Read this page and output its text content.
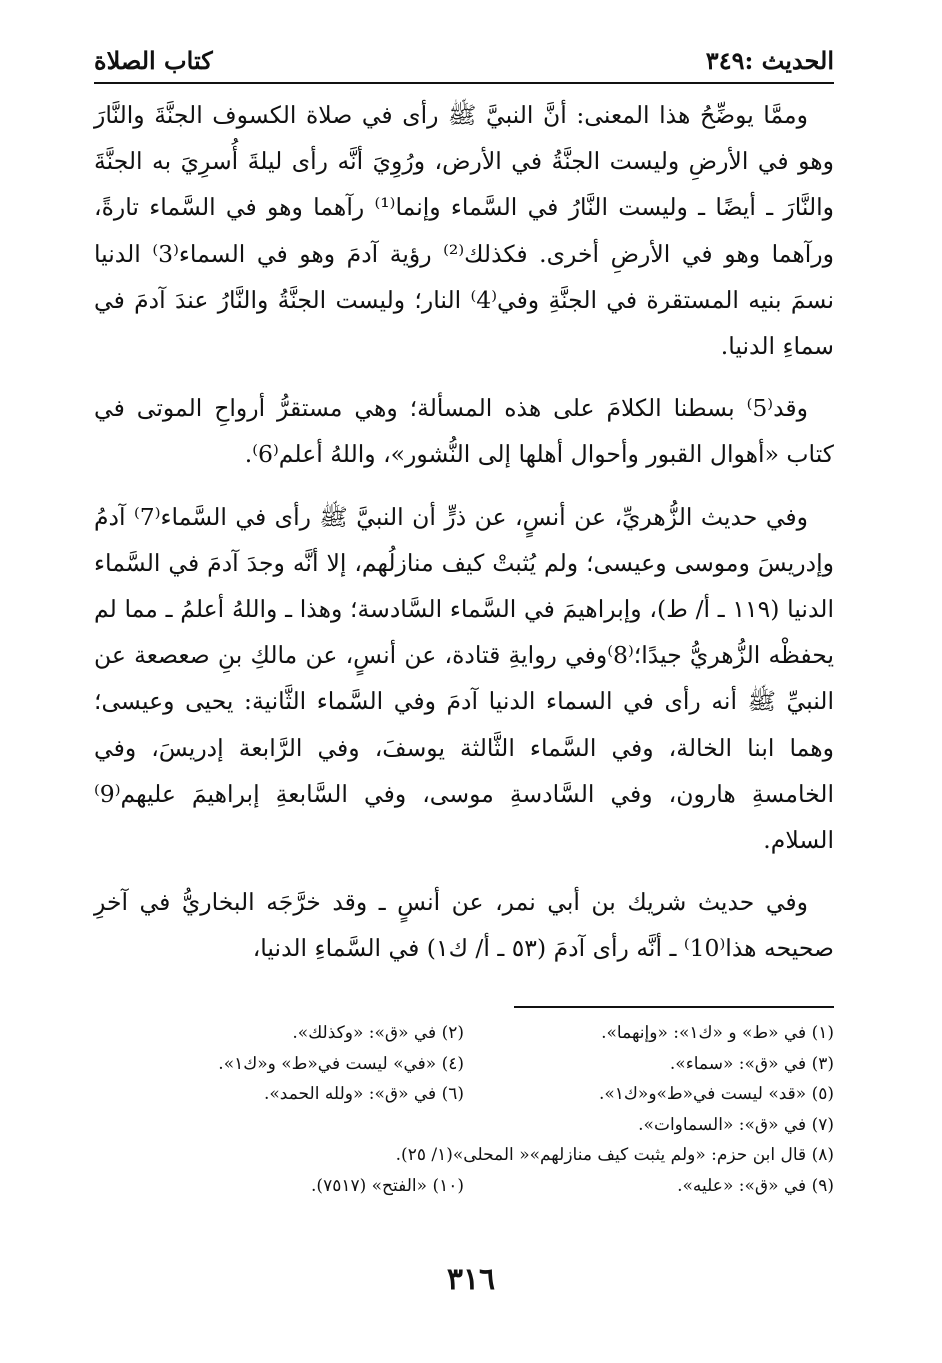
الحديث :٣٤٩
كتاب الصلاة

وممَّا يوضِّحُ هذا المعنى: أنَّ النبيَّ ﷺ رأى في صلاة الكسوف الجنَّةَ والنَّارَ وهو في الأرضِ وليست الجنَّةُ في الأرض، ورُوِيَ أنَّه رأى ليلةَ أُسرِيَ به الجنَّةَ والنَّارَ ـ أيضًا ـ وليست النَّارُ في السَّماء وإنما⁽¹⁾ رآهما وهو في السَّماء تارةً، ورآهما وهو في الأرضِ أخرى. فكذلك⁽²⁾ رؤية آدمَ وهو في السماء⁽3⁾ الدنيا نسمَ بنيه المستقرة في الجنَّةِ وفي⁽4⁾ النار؛ وليست الجنَّةُ والنَّارُ عندَ آدمَ في سماءِ الدنيا.

وقد⁽5⁾ بسطنا الكلامَ على هذه المسألة؛ وهي مستقرُّ أرواحِ الموتى في كتاب «أهوال القبور وأحوال أهلها إلى النُّشور»، واللهُ أعلم⁽6⁾.

وفي حديث الزُّهريِّ، عن أنسٍ، عن ذرٍّ أن النبيَّ ﷺ رأى في السَّماء⁽7⁾ آدمُ وإدريسَ وموسى وعيسى؛ ولم يُثبتْ كيف منازلُهم، إلا أنَّه وجدَ آدمَ في السَّماء الدنيا (١١٩ ـ أ/ ط)، وإبراهيمَ في السَّماء السَّادسة؛ وهذا ـ واللهُ أعلمُ ـ مما لم يحفظْه الزُّهريُّ جيدًا؛⁽8⁾وفي روايةِ قتادة، عن أنسٍ، عن مالكِ بنِ صعصعة عن النبيِّ ﷺ أنه رأى في السماء الدنيا آدمَ وفي السَّماء الثَّانية: يحيى وعيسى؛ وهما ابنا الخالة، وفي السَّماء الثَّالثة يوسفَ، وفي الرَّابعة إدريسَ، وفي الخامسةِ هارون، وفي السَّادسةِ موسى، وفي السَّابعةِ إبراهيمَ عليهم⁽9⁾السلام.

وفي حديث شريك بن أبي نمر، عن أنسٍ ـ وقد خرَّجَه البخاريُّ في آخرِ صحيحه هذا⁽10⁾ ـ أنَّه رأى آدمَ (٥٣ ـ أ/ ك١) في السَّماءِ الدنيا،

(١) في «ط» و «ك١»: «وإنهما».
(٢) في «ق»: «وكذلك».
(٣) في «ق»: «سماء».
(٤) «في» ليست في«ط» و«ك١».
(٥) «قد» ليست في«ط»و«ك١».
(٦) في «ق»: «ولله الحمد».
(٧) في «ق»: «السماوات».
(٨) قال ابن حزم: «ولم يثبت كيف منازلهم»« المحلى»(١/ ٢٥).
(٩) في «ق»: «عليه».
(١٠) «الفتح» (٧٥١٧).
٣١٦
